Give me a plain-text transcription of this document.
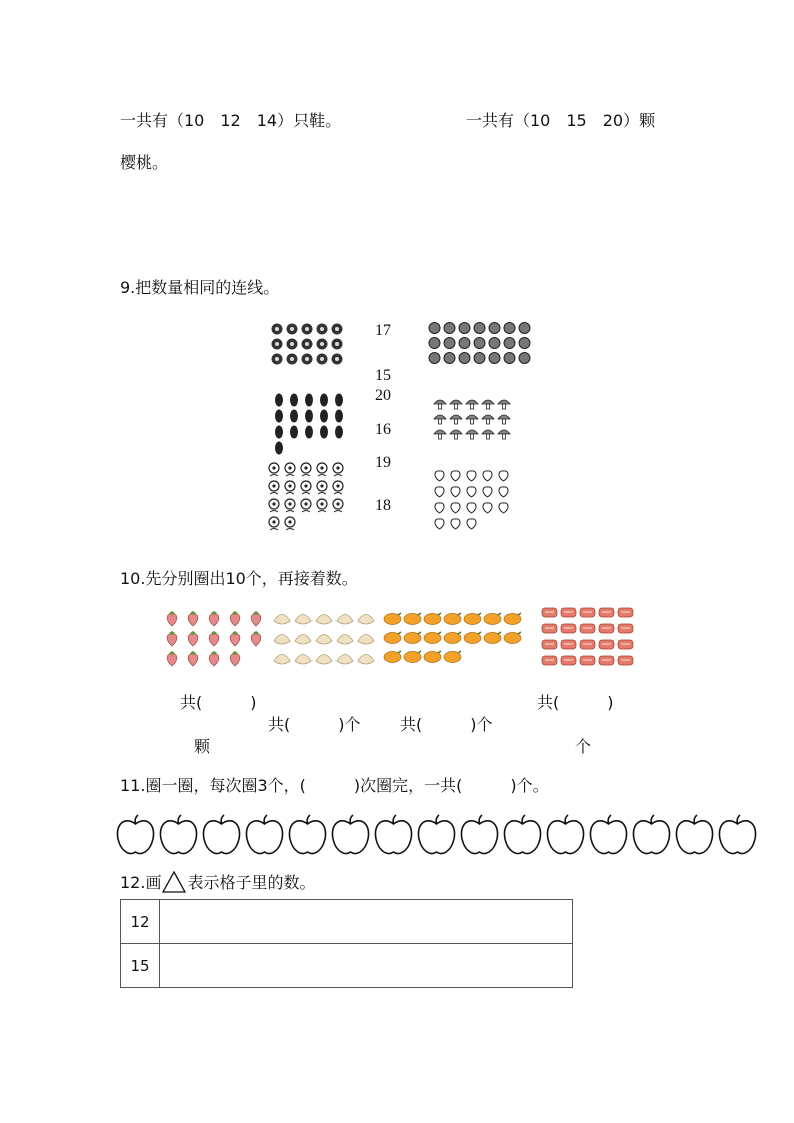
一共有（10　12　14）只鞋。	一共有（10　15　20）颗
樱桃。
9.把数量相同的连线。
17
15
20
16
19
18
10.先分别圈出10个，再接着数。
共(　　　)
颗
共(　　　)个 共(　　　)个
共(　　　)
个
11.圈一圈，每次圈3个，(　　　)次圈完，一共(　　　)个。
12.画 表示格子里的数。
12	
15	
